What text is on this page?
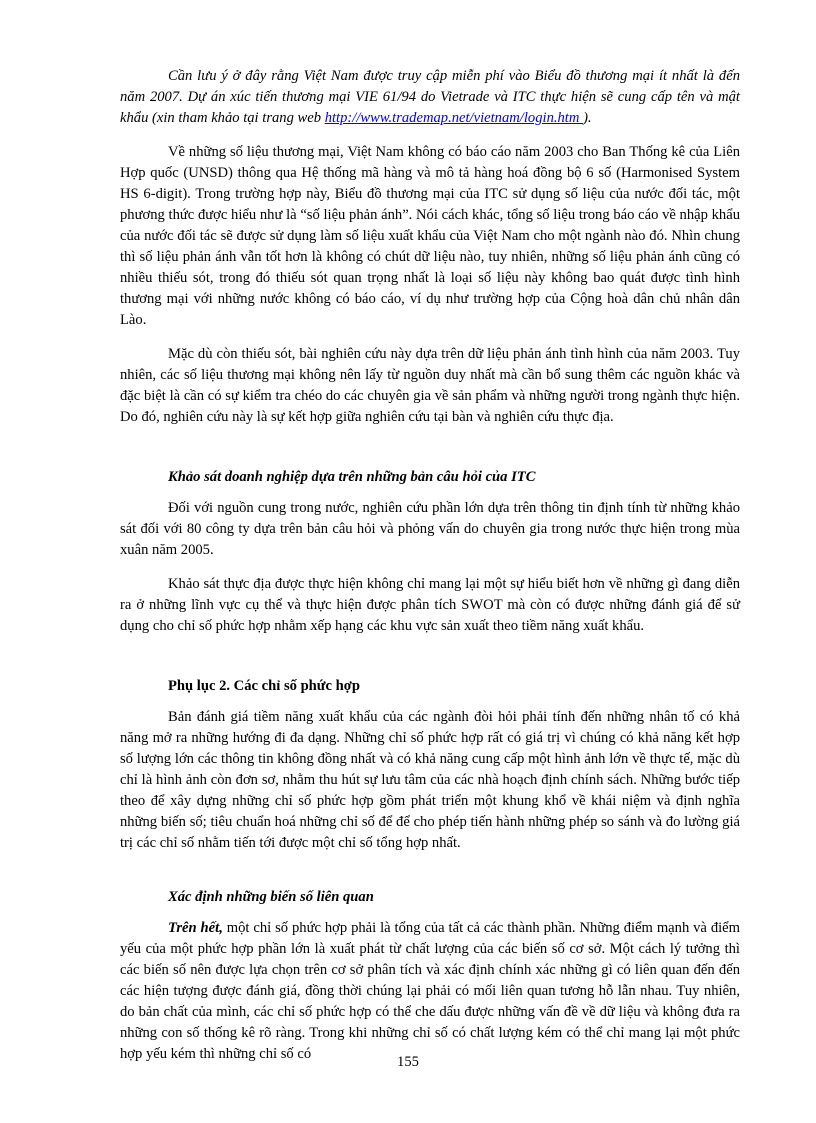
Cần lưu ý ở đây rằng Việt Nam được truy cập miễn phí vào Biểu đồ thương mại ít nhất là đến năm 2007. Dự án xúc tiến thương mại VIE 61/94 do Vietrade và ITC thực hiện sẽ cung cấp tên và mật khẩu (xin tham khảo tại trang web http://www.trademap.net/vietnam/login.htm ).

Về những số liệu thương mại, Việt Nam không có báo cáo năm 2003 cho Ban Thống kê của Liên Hợp quốc (UNSD) thông qua Hệ thống mã hàng và mô tả hàng hoá đồng bộ 6 số (Harmonised System HS 6-digit). Trong trường hợp này, Biểu đồ thương mại của ITC sử dụng số liệu của nước đối tác, một phương thức được hiểu như là “số liệu phản ánh”. Nói cách khác, tổng số liệu trong báo cáo về nhập khẩu của nước đối tác sẽ được sử dụng làm số liệu xuất khẩu của Việt Nam cho một ngành nào đó. Nhìn chung thì số liệu phản ánh vẫn tốt hơn là không có chút dữ liệu nào, tuy nhiên, những số liệu phản ánh cũng có nhiều thiếu sót, trong đó thiếu sót quan trọng nhất là loại số liệu này không bao quát được tình hình thương mại với những nước không có báo cáo, ví dụ như trường hợp của Cộng hoà dân chủ nhân dân Lào.

Mặc dù còn thiếu sót, bài nghiên cứu này dựa trên dữ liệu phản ánh tình hình của năm 2003. Tuy nhiên, các số liệu thương mại không nên lấy từ nguồn duy nhất mà cần bổ sung thêm các nguồn khác và đặc biệt là cần có sự kiểm tra chéo do các chuyên gia về sản phẩm và những người trong ngành thực hiện. Do đó, nghiên cứu này là sự kết hợp giữa nghiên cứu tại bàn và nghiên cứu thực địa.

Khảo sát doanh nghiệp dựa trên những bản câu hỏi của ITC

Đối với nguồn cung trong nước, nghiên cứu phần lớn dựa trên thông tin định tính từ những khảo sát đối với 80 công ty dựa trên bản câu hỏi và phỏng vấn do chuyên gia trong nước thực hiện trong mùa xuân năm 2005.

Khảo sát thực địa được thực hiện không chỉ mang lại một sự hiểu biết hơn về những gì đang diễn ra ở những lĩnh vực cụ thể và thực hiện được phân tích SWOT mà còn có được những đánh giá để sử dụng cho chỉ số phức hợp nhằm xếp hạng các khu vực sản xuất theo tiềm năng xuất khẩu.

Phụ lục 2. Các chỉ số phức hợp

Bản đánh giá tiềm năng xuất khẩu của các ngành đòi hỏi phải tính đến những nhân tố có khả năng mở ra những hướng đi đa dạng. Những chỉ số phức hợp rất có giá trị vì chúng có khả năng kết hợp số lượng lớn các thông tin không đồng nhất và có khả năng cung cấp một hình ảnh lớn về thực tế, mặc dù chỉ là hình ảnh còn đơn sơ, nhằm thu hút sự lưu tâm của các nhà hoạch định chính sách. Những bước tiếp theo để xây dựng những chỉ số phức hợp gồm phát triển một khung khổ về khái niệm và định nghĩa những biến số; tiêu chuẩn hoá những chỉ số để để cho phép tiến hành những phép so sánh và đo lường giá trị các chỉ số nhằm tiến tới được một chỉ số tổng hợp nhất.

Xác định những biến số liên quan

Trên hết, một chỉ số phức hợp phải là tổng của tất cả các thành phần. Những điểm mạnh và điểm yếu của một phức hợp phần lớn là xuất phát từ chất lượng của các biến số cơ sở. Một cách lý tưởng thì các biến số nên được lựa chọn trên cơ sở phân tích và xác định chính xác những gì có liên quan đến đến các hiện tượng được đánh giá, đồng thời chúng lại phải có mối liên quan tương hỗ lẫn nhau. Tuy nhiên, do bản chất của mình, các chỉ số phức hợp có thể che dấu được những vấn đề về dữ liệu và không đưa ra những con số thống kê rõ ràng. Trong khi những chỉ số có chất lượng kém có thể chỉ mang lại một phức hợp yếu kém thì những chỉ số có	155
